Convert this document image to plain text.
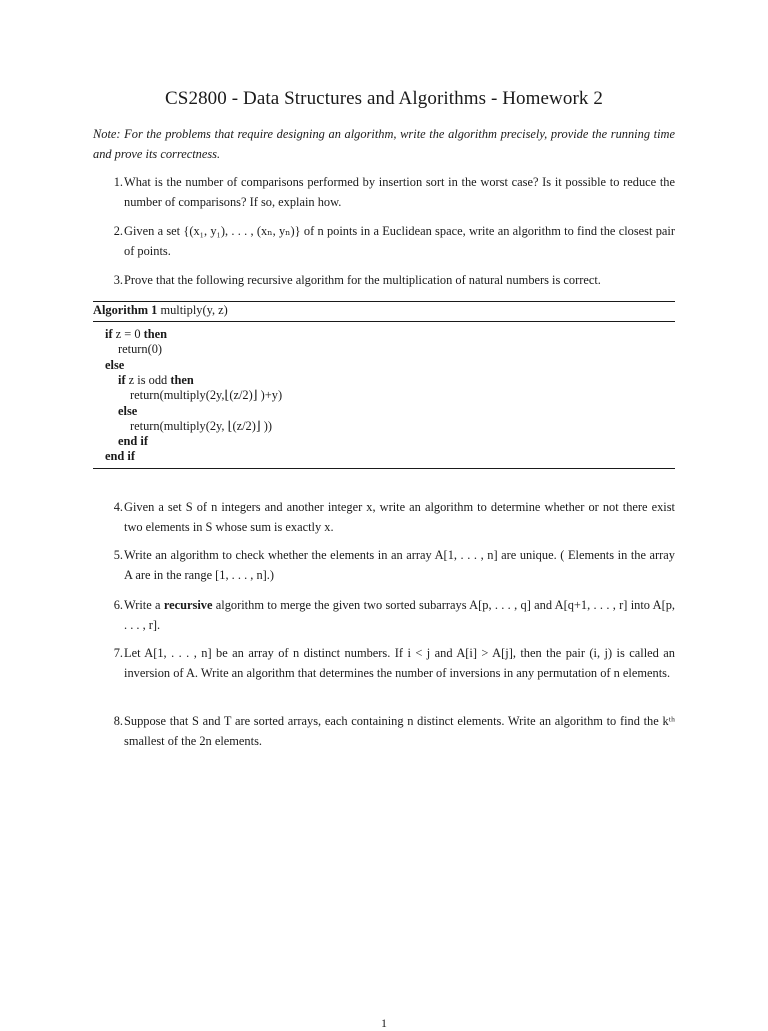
CS2800 - Data Structures and Algorithms - Homework 2
Note: For the problems that require designing an algorithm, write the algorithm precisely, provide the running time and prove its correctness.
1. What is the number of comparisons performed by insertion sort in the worst case? Is it possible to reduce the number of comparisons? If so, explain how.
2. Given a set {(x₁, y₁), . . . , (xₙ, yₙ)} of n points in a Euclidean space, write an algorithm to find the closest pair of points.
3. Prove that the following recursive algorithm for the multiplication of natural numbers is correct.
Algorithm 1 multiply(y, z)
if z = 0 then
return(0)
else
if z is odd then
return(multiply(2y,⌊(z/2)⌋ )+y)
else
return(multiply(2y, ⌊(z/2)⌋ ))
end if
end if
4. Given a set S of n integers and another integer x, write an algorithm to determine whether or not there exist two elements in S whose sum is exactly x.
5. Write an algorithm to check whether the elements in an array A[1, . . . , n] are unique. ( Elements in the array A are in the range [1, . . . , n].)
6. Write a recursive algorithm to merge the given two sorted subarrays A[p, . . . , q] and A[q+1, . . . , r] into A[p, . . . , r].
7. Let A[1, . . . , n] be an array of n distinct numbers. If i < j and A[i] > A[j], then the pair (i, j) is called an inversion of A. Write an algorithm that determines the number of inversions in any permutation of n elements.
8. Suppose that S and T are sorted arrays, each containing n distinct elements. Write an algorithm to find the kᵗʰ smallest of the 2n elements.
1
